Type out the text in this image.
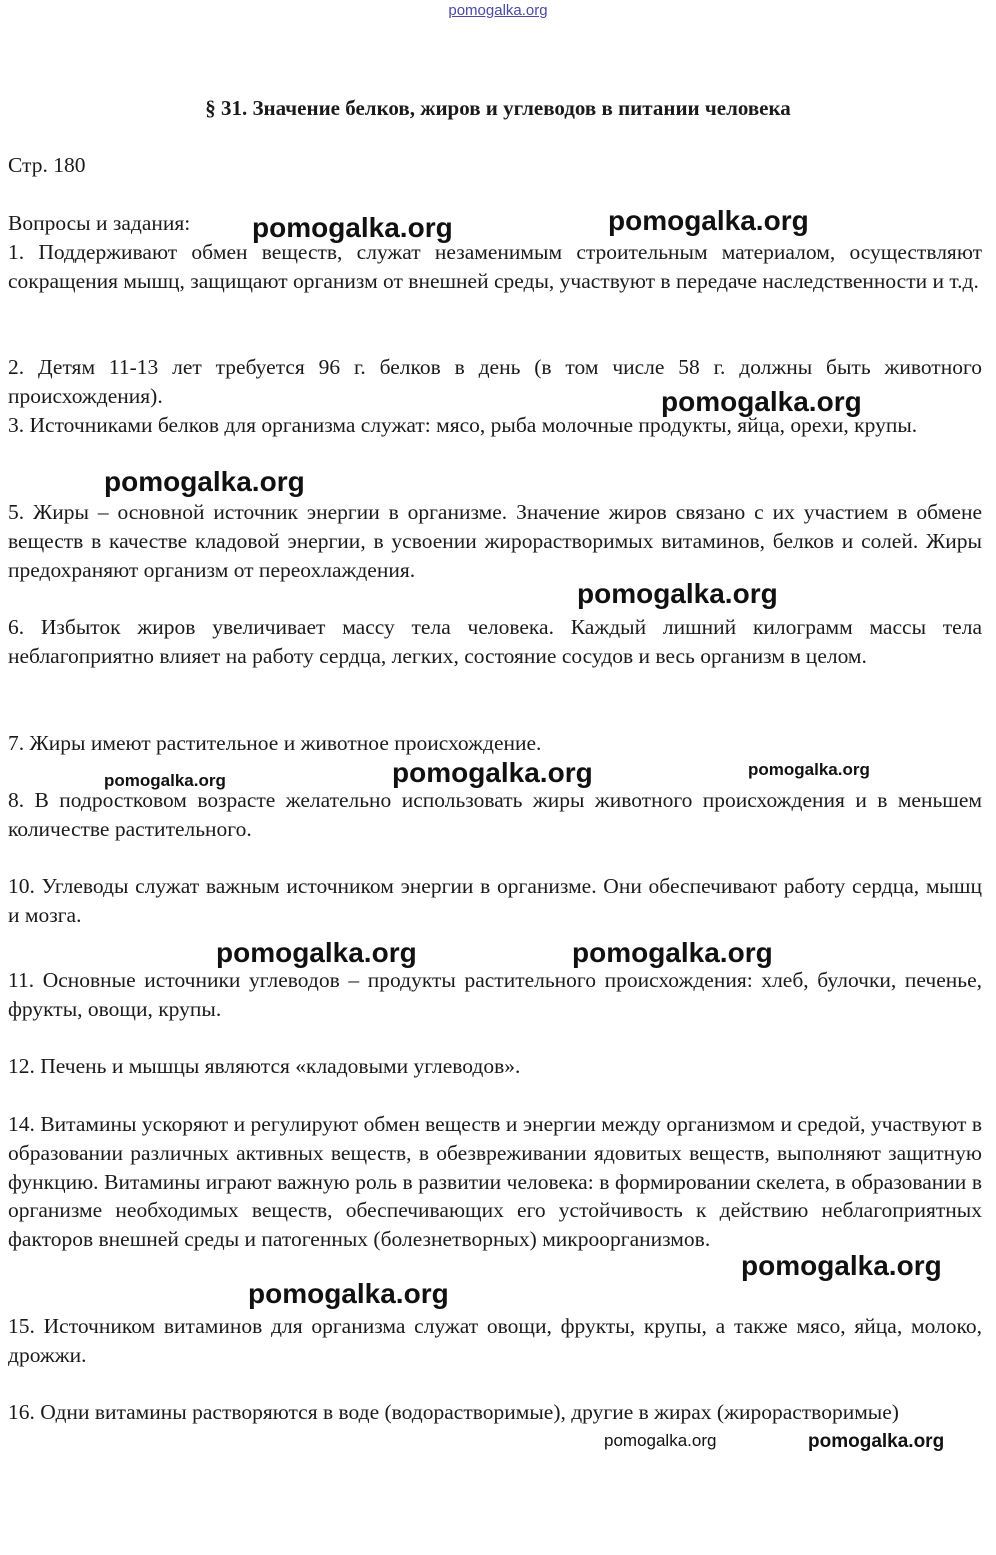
pomogalka.org
§ 31. Значение белков, жиров и углеводов в питании человека

Стр. 180

Вопросы и задания:

1. Поддерживают обмен веществ, служат незаменимым строительным материалом, осуществляют сокращения мышц, защищают организм от внешней среды, участвуют в передаче наследственности и т.д.

2. Детям 11-13 лет требуется 96 г. белков в день (в том числе 58 г. должны быть животного происхождения).

3. Источниками белков для организма служат: мясо, рыба молочные продукты, яйца, орехи, крупы.

5. Жиры – основной источник энергии в организме. Значение жиров связано с их участием в обмене веществ в качестве кладовой энергии, в усвоении жирорастворимых витаминов, белков и солей. Жиры предохраняют организм от переохлаждения.

6. Избыток жиров увеличивает массу тела человека. Каждый лишний килограмм массы тела неблагоприятно влияет на работу сердца, легких, состояние сосудов и весь организм в целом.

7. Жиры имеют растительное и животное происхождение.

8. В подростковом возрасте желательно использовать жиры животного происхождения и в меньшем количестве растительного.

10. Углеводы служат важным источником энергии в организме. Они обеспечивают работу сердца, мышц и мозга.

11. Основные источники углеводов – продукты растительного происхождения: хлеб, булочки, печенье, фрукты, овощи, крупы.

12. Печень и мышцы являются «кладовыми углеводов».

14. Витамины ускоряют и регулируют обмен веществ и энергии между организмом и средой, участвуют в образовании различных активных веществ, в обезвреживании ядовитых веществ, выполняют защитную функцию. Витамины играют важную роль в развитии человека: в формировании скелета, в образовании в организме необходимых веществ, обеспечивающих его устойчивость к действию неблагоприятных факторов внешней среды и патогенных (болезнетворных) микроорганизмов.

15. Источником витаминов для организма служат овощи, фрукты, крупы, а также мясо, яйца, молоко, дрожжи.

16. Одни витамины растворяются в воде (водорастворимые), другие в жирах (жирорастворимые)

pomogalka.org	pomogalka.org
pomogalka.org
pomogalka.org
pomogalka.org
pomogalka.org	pomogalka.org	pomogalka.org
pomogalka.org	pomogalka.org
pomogalka.org
pomogalka.org
pomogalka.org	pomogalka.org
